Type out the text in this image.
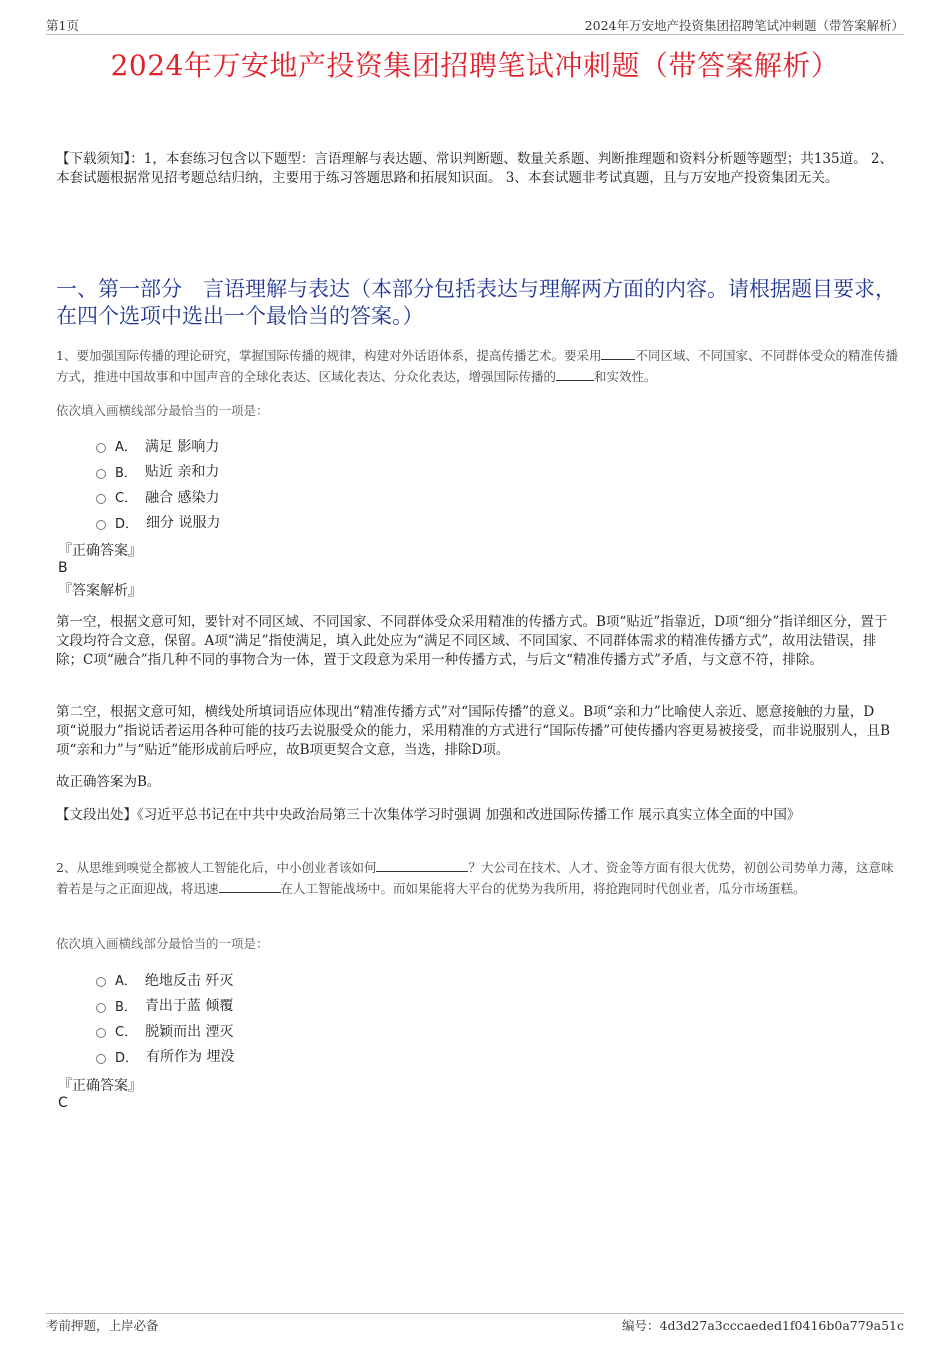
第1页	2024年万安地产投资集团招聘笔试冲刺题（带答案解析）
2024年万安地产投资集团招聘笔试冲刺题（带答案解析）
【下载须知】：1，本套练习包含以下题型：言语理解与表达题、常识判断题、数量关系题、判断推理题和资料分析题等题型；共135道。 2、本套试题根据常见招考题总结归纳，主要用于练习答题思路和拓展知识面。 3、本套试题非考试真题，且与万安地产投资集团无关。
一、第一部分　言语理解与表达（本部分包括表达与理解两方面的内容。请根据题目要求，在四个选项中选出一个最恰当的答案。）
1、要加强国际传播的理论研究，掌握国际传播的规律，构建对外话语体系，提高传播艺术。要采用	不同区域、不同国家、不同群体受众的精准传播方式，推进中国故事和中国声音的全球化表达、区域化表达、分众化表达，增强国际传播的	和实效性。
依次填入画横线部分最恰当的一项是：
A． 满足 影响力
B． 贴近 亲和力
C． 融合 感染力
D． 细分 说服力
『正确答案』
B
『答案解析』
第一空，根据文意可知，要针对不同区域、不同国家、不同群体受众采用精准的传播方式。B项“贴近”指靠近，D项“细分”指详细区分，置于文段均符合文意，保留。A项“满足”指使满足，填入此处应为“满足不同区域、不同国家、不同群体需求的精准传播方式”，故用法错误，排除；C项“融合”指几种不同的事物合为一体，置于文段意为采用一种传播方式，与后文“精准传播方式”矛盾，与文意不符，排除。
第二空，根据文意可知，横线处所填词语应体现出“精准传播方式”对“国际传播”的意义。B项“亲和力”比喻使人亲近、愿意接触的力量，D项“说服力”指说话者运用各种可能的技巧去说服受众的能力，采用精准的方式进行“国际传播”可使传播内容更易被接受，而非说服别人，且B项“亲和力”与“贴近”能形成前后呼应，故B项更契合文意，当选，排除D项。
故正确答案为B。
【文段出处】《习近平总书记在中共中央政治局第三十次集体学习时强调 加强和改进国际传播工作 展示真实立体全面的中国》
2、从思维到嗅觉全都被人工智能化后，中小创业者该如何	？大公司在技术、人才、资金等方面有很大优势，初创公司势单力薄，这意味着若是与之正面迎战，将迅速	在人工智能战场中。而如果能将大平台的优势为我所用，将抢跑同时代创业者，瓜分市场蛋糕。
依次填入画横线部分最恰当的一项是：
A． 绝地反击 歼灭
B． 青出于蓝 倾覆
C． 脱颖而出 湮灭
D． 有所作为 埋没
『正确答案』
C
考前押题，上岸必备	编号：4d3d27a3cccaeded1f0416b0a779a51c
